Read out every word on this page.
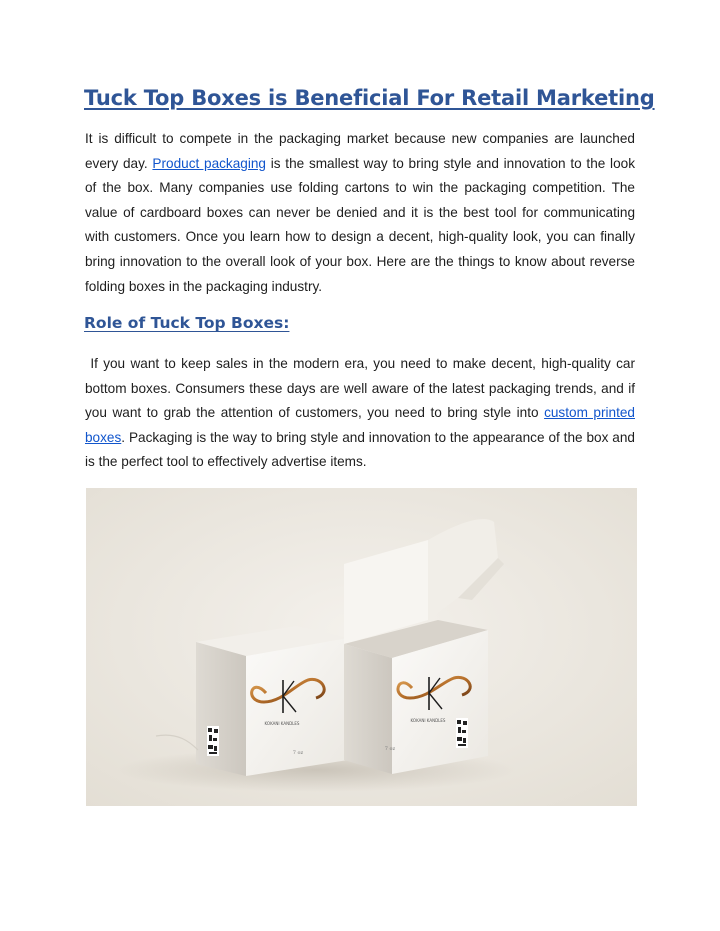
Tuck Top Boxes is Beneficial For Retail Marketing

It is difficult to compete in the packaging market because new companies are launched every day. Product packaging is the smallest way to bring style and innovation to the look of the box. Many companies use folding cartons to win the packaging competition. The value of cardboard boxes can never be denied and it is the best tool for communicating with customers. Once you learn how to design a decent, high-quality look, you can finally bring innovation to the overall look of your box. Here are the things to know about reverse folding boxes in the packaging industry.

Role of Tuck Top Boxes:

If you want to keep sales in the modern era, you need to make decent, high-quality car bottom boxes. Consumers these days are well aware of the latest packaging trends, and if you want to grab the attention of customers, you need to bring style into custom printed boxes. Packaging is the way to bring style and innovation to the appearance of the box and is the perfect tool to effectively advertise items.

KOKANI KANDLES
7 oz
KOKANI KANDLES
7 oz
